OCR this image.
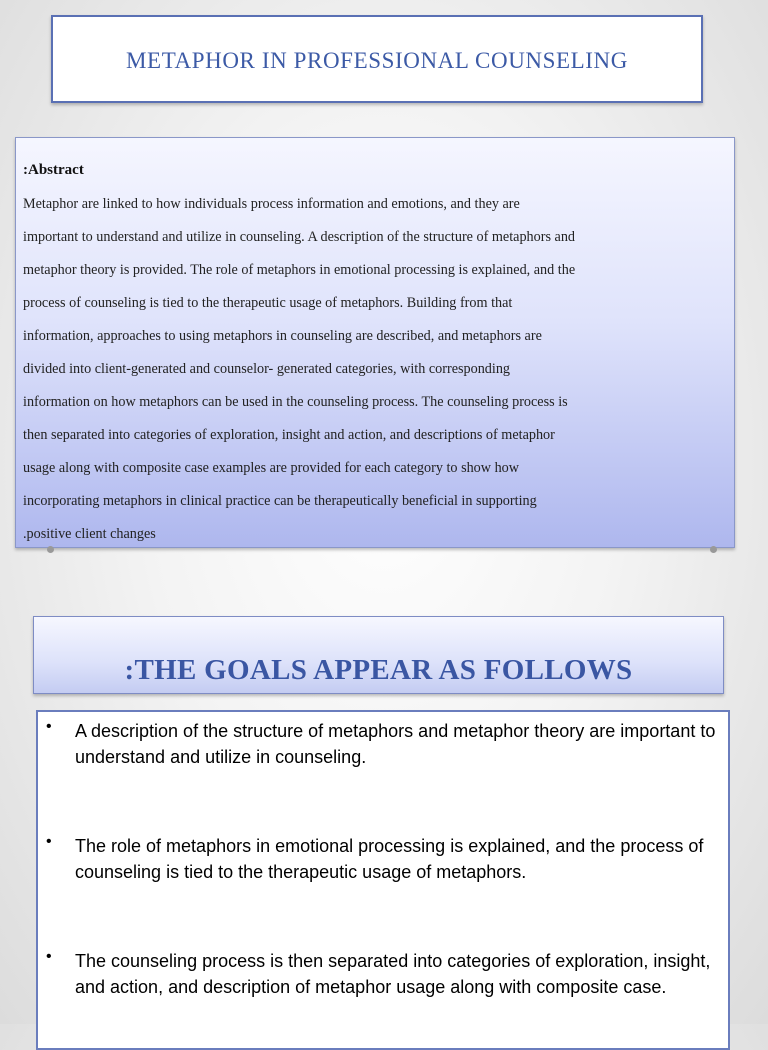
METAPHOR IN PROFESSIONAL COUNSELING
:Abstract
Metaphor are linked to how individuals process information and emotions, and they are
important to understand and utilize in counseling. A description of the structure of metaphors and
metaphor theory is provided. The role of metaphors in emotional processing is explained, and the
process of counseling is tied to the therapeutic usage of metaphors. Building from that
information, approaches to using metaphors in counseling are described, and metaphors are
divided into client-generated and counselor- generated categories, with corresponding
information on how metaphors can be used in the counseling process. The counseling process is
then separated into categories of exploration, insight and action, and descriptions of metaphor
usage along with composite case examples are provided for each category to show how
incorporating metaphors in clinical practice can be therapeutically beneficial in supporting
.positive client changes
:THE GOALS APPEAR AS FOLLOWS
• A description of the structure of metaphors and metaphor theory are important to understand and utilize in counseling.
• The role of metaphors in emotional processing is explained, and the process of counseling is tied to the therapeutic usage of metaphors.
• The counseling process is then separated into categories of exploration, insight, and action, and description of metaphor usage along with composite case.
